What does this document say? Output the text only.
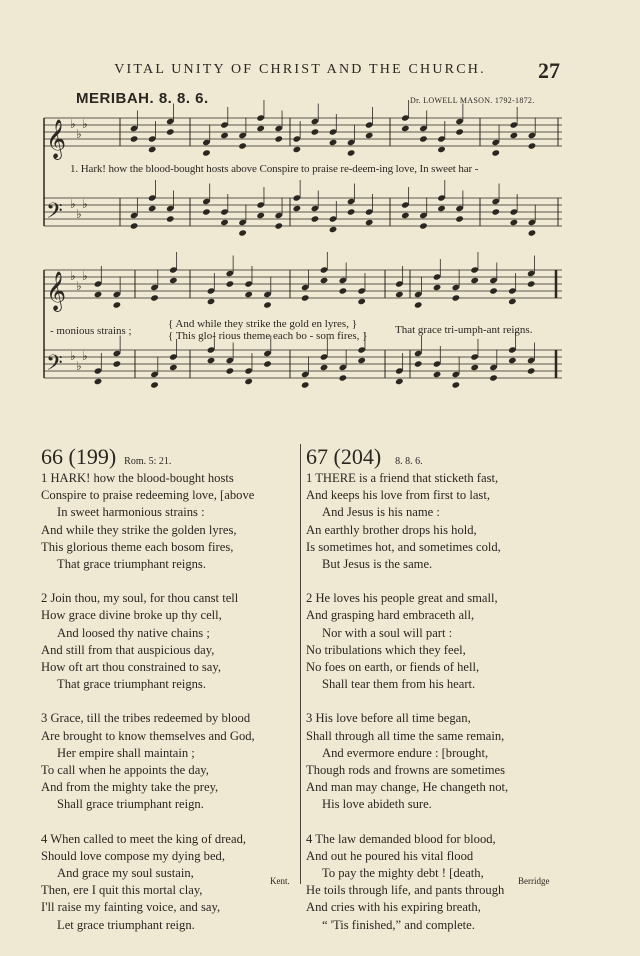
VITAL UNITY OF CHRIST AND THE CHURCH.	27
MERIBAH. 8. 8. 6.	Dr. LOWELL MASON. 1792-1872.
𝄞 ♭
♭
♭
𝄢 ♭
♭
♭
𝄞 ♭
♭
♭
𝄢 ♭
♭
♭
1. Hark! how the blood-bought hosts above Conspire to praise re-deem-ing love, In sweet har -
- monious strains ;
{ And while they strike the gold en lyres, }
{ This glo- rious theme each bo - som fires, }	That grace tri-umph-ant reigns.
66 (199) Rom. 5: 21.	67 (204) 8. 8. 6.
1 HARK! how the blood-bought hosts
Conspire to praise redeeming love, [above
In sweet harmonious strains :
And while they strike the golden lyres,
This glorious theme each bosom fires,
That grace triumphant reigns.
2 Join thou, my soul, for thou canst tell
How grace divine broke up thy cell,
And loosed thy native chains ;
And still from that auspicious day,
How oft art thou constrained to say,
That grace triumphant reigns.
3 Grace, till the tribes redeemed by blood
Are brought to know themselves and God,
Her empire shall maintain ;
To call when he appoints the day,
And from the mighty take the prey,
Shall grace triumphant reign.
4 When called to meet the king of dread,
Should love compose my dying bed,
And grace my soul sustain,
Then, ere I quit this mortal clay,
I'll raise my fainting voice, and say,
Let grace triumphant reign.
Kent.
1 THERE is a friend that sticketh fast,
And keeps his love from first to last,
And Jesus is his name :
An earthly brother drops his hold,
Is sometimes hot, and sometimes cold,
But Jesus is the same.
2 He loves his people great and small,
And grasping hard embraceth all,
Nor with a soul will part :
No tribulations which they feel,
No foes on earth, or fiends of hell,
Shall tear them from his heart.
3 His love before all time began,
Shall through all time the same remain,
And evermore endure : [brought,
Though rods and frowns are sometimes
And man may change, He changeth not,
His love abideth sure.
4 The law demanded blood for blood,
And out he poured his vital flood
To pay the mighty debt ! [death,
He toils through life, and pants through
And cries with his expiring breath,
“ 'Tis finished,” and complete.
Berridge
